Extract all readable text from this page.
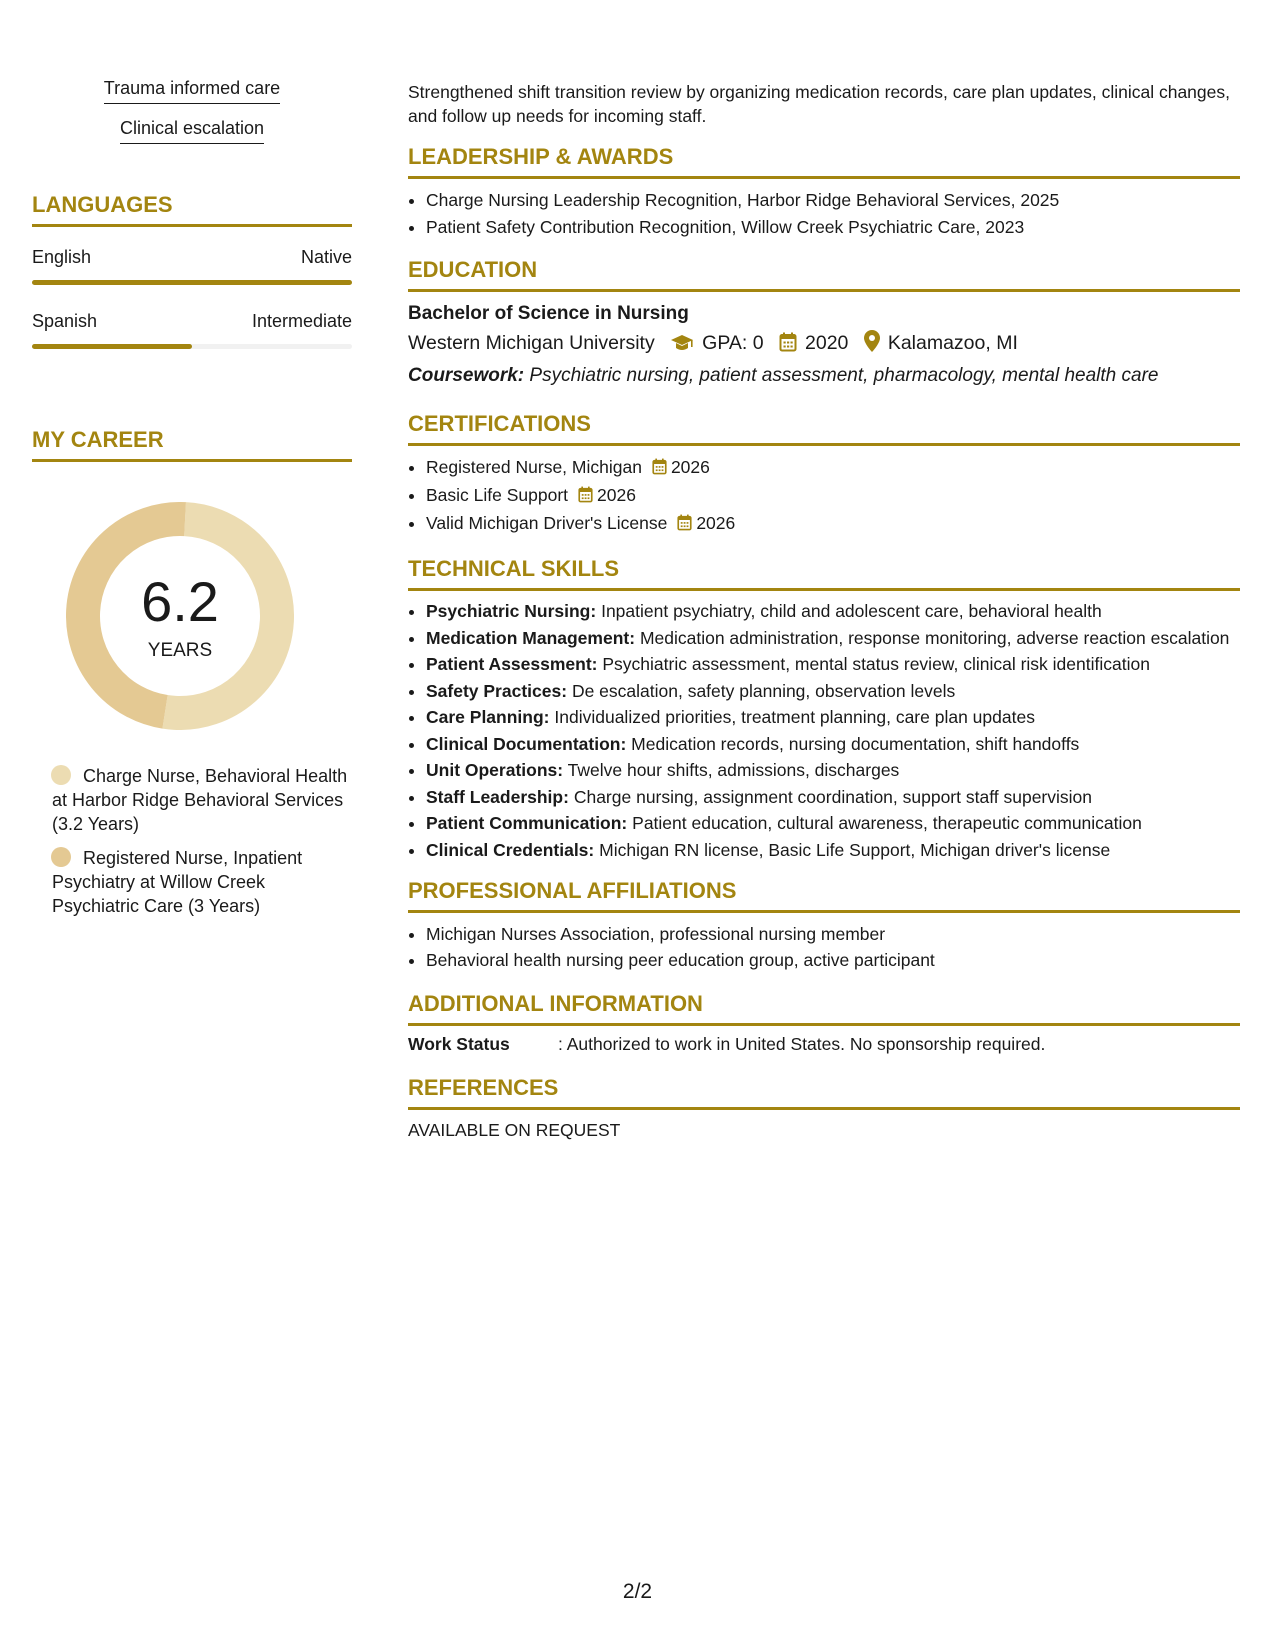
Trauma informed care
Clinical escalation
LANGUAGES
English	Native
Spanish	Intermediate
MY CAREER
6.2
YEARS
Charge Nurse, Behavioral Health at Harbor Ridge Behavioral Services (3.2 Years)
Registered Nurse, Inpatient Psychiatry at Willow Creek Psychiatric Care (3 Years)

Strengthened shift transition review by organizing medication records, care plan updates, clinical changes, and follow up needs for incoming staff.

LEADERSHIP & AWARDS
• Charge Nursing Leadership Recognition, Harbor Ridge Behavioral Services, 2025
• Patient Safety Contribution Recognition, Willow Creek Psychiatric Care, 2023
EDUCATION
Bachelor of Science in Nursing
Western Michigan University GPA: 0 2020 Kalamazoo, MI
Coursework: Psychiatric nursing, patient assessment, pharmacology, mental health care
CERTIFICATIONS
• Registered Nurse, Michigan 2026
• Basic Life Support 2026
• Valid Michigan Driver's License 2026
TECHNICAL SKILLS
• Psychiatric Nursing: Inpatient psychiatry, child and adolescent care, behavioral health
• Medication Management: Medication administration, response monitoring, adverse reaction escalation
• Patient Assessment: Psychiatric assessment, mental status review, clinical risk identification
• Safety Practices: De escalation, safety planning, observation levels
• Care Planning: Individualized priorities, treatment planning, care plan updates
• Clinical Documentation: Medication records, nursing documentation, shift handoffs
• Unit Operations: Twelve hour shifts, admissions, discharges
• Staff Leadership: Charge nursing, assignment coordination, support staff supervision
• Patient Communication: Patient education, cultural awareness, therapeutic communication
• Clinical Credentials: Michigan RN license, Basic Life Support, Michigan driver's license
PROFESSIONAL AFFILIATIONS
• Michigan Nurses Association, professional nursing member
• Behavioral health nursing peer education group, active participant
ADDITIONAL INFORMATION
Work Status	: Authorized to work in United States. No sponsorship required.
REFERENCES
AVAILABLE ON REQUEST
2/2
